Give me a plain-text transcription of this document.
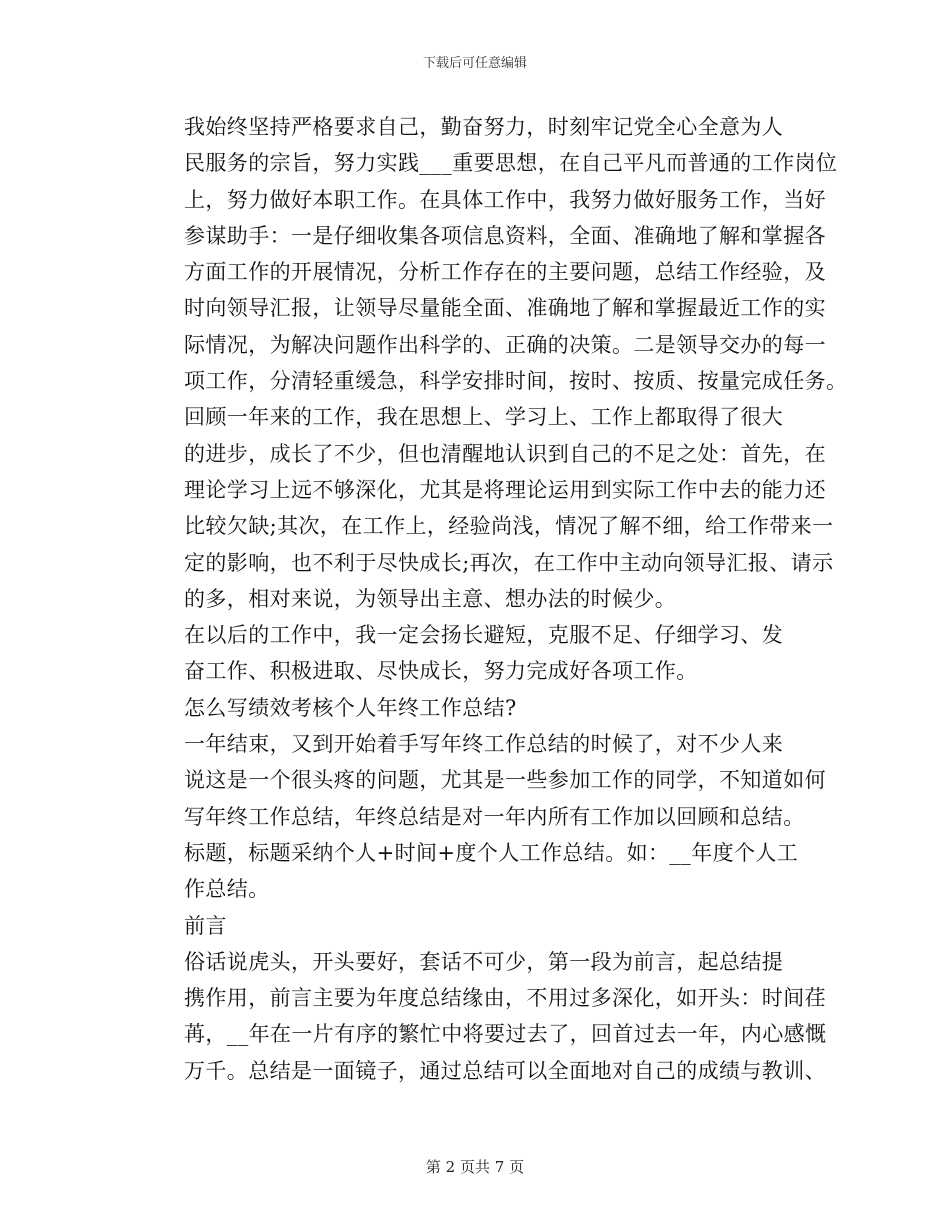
下载后可任意编辑

我始终坚持严格要求自己，勤奋努力，时刻牢记党全心全意为人
民服务的宗旨，努力实践___重要思想，在自己平凡而普通的工作岗位
上，努力做好本职工作。在具体工作中，我努力做好服务工作，当好
参谋助手：一是仔细收集各项信息资料，全面、准确地了解和掌握各
方面工作的开展情况，分析工作存在的主要问题，总结工作经验，及
时向领导汇报，让领导尽量能全面、准确地了解和掌握最近工作的实
际情况，为解决问题作出科学的、正确的决策。二是领导交办的每一
项工作，分清轻重缓急，科学安排时间，按时、按质、按量完成任务。

回顾一年来的工作，我在思想上、学习上、工作上都取得了很大
的进步，成长了不少，但也清醒地认识到自己的不足之处：首先，在
理论学习上远不够深化，尤其是将理论运用到实际工作中去的能力还
比较欠缺;其次，在工作上，经验尚浅，情况了解不细，给工作带来一
定的影响，也不利于尽快成长;再次，在工作中主动向领导汇报、请示
的多，相对来说，为领导出主意、想办法的时候少。

在以后的工作中，我一定会扬长避短，克服不足、仔细学习、发
奋工作、积极进取、尽快成长，努力完成好各项工作。

怎么写绩效考核个人年终工作总结?

一年结束，又到开始着手写年终工作总结的时候了，对不少人来
说这是一个很头疼的问题，尤其是一些参加工作的同学，不知道如何
写年终工作总结，年终总结是对一年内所有工作加以回顾和总结。

标题，标题采纳个人+时间+度个人工作总结。如：__年度个人工
作总结。

前言

俗话说虎头，开头要好，套话不可少，第一段为前言，起总结提
携作用，前言主要为年度总结缘由，不用过多深化，如开头：时间荏
苒，__年在一片有序的繁忙中将要过去了，回首过去一年，内心感慨
万千。总结是一面镜子，通过总结可以全面地对自己的成绩与教训、

第 2 页共 7 页
